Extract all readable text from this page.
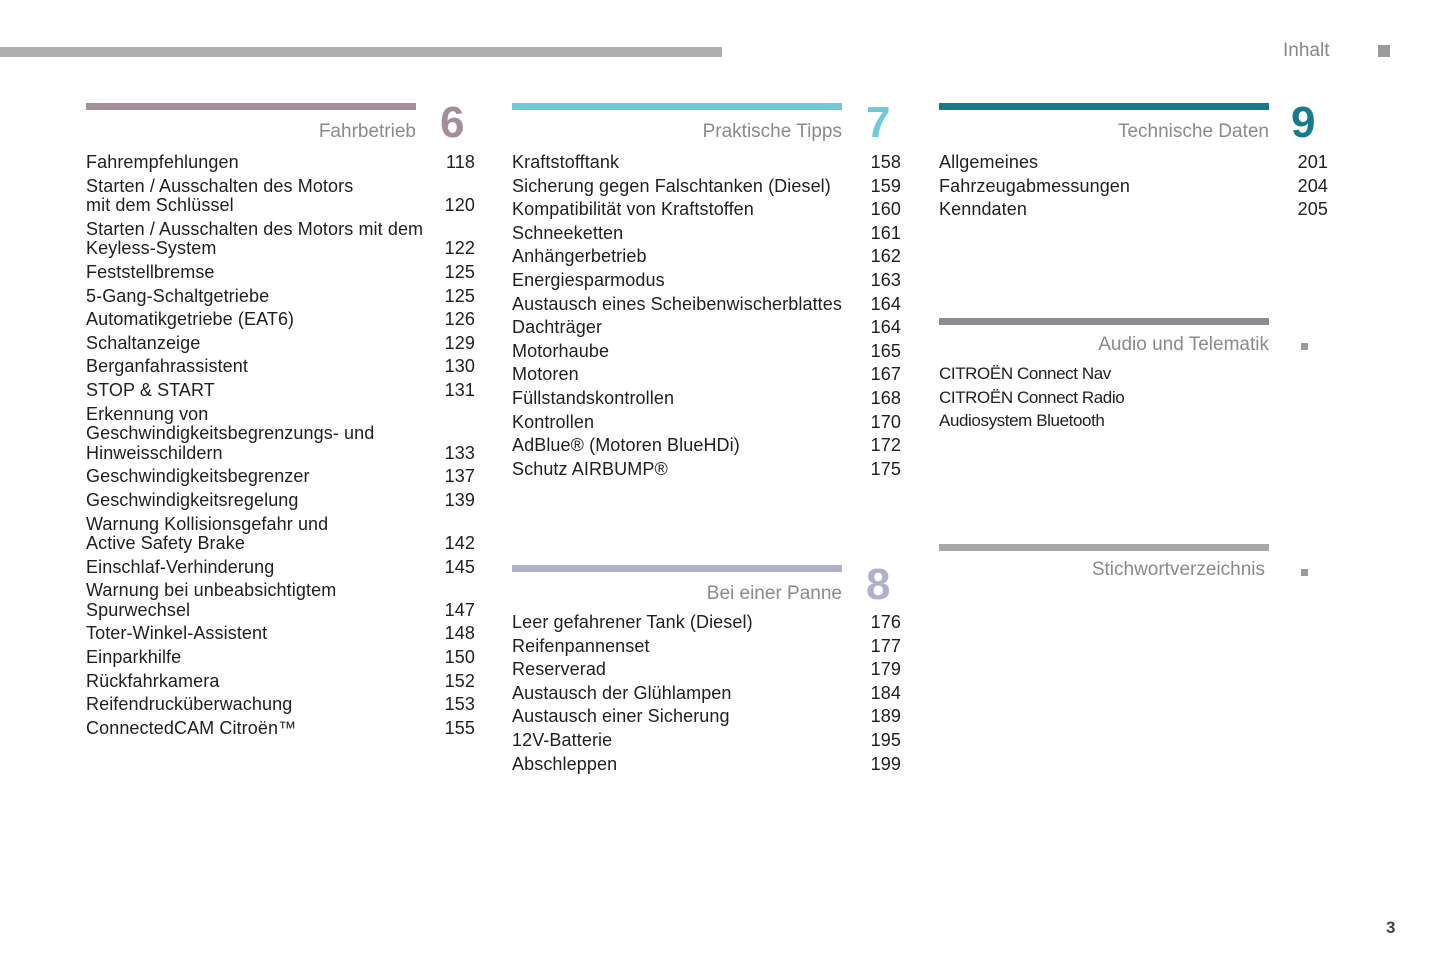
Inhalt
Fahrbetrieb 6
Fahrempfehlungen	118
Starten / Ausschalten des Motors
mit dem Schlüssel	120
Starten / Ausschalten des Motors mit dem
Keyless-System	122
Feststellbremse	125
5-Gang-Schaltgetriebe	125
Automatikgetriebe (EAT6)	126
Schaltanzeige	129
Berganfahrassistent	130
STOP & START	131
Erkennung von
Geschwindigkeitsbegrenzungs- und
Hinweisschildern	133
Geschwindigkeitsbegrenzer	137
Geschwindigkeitsregelung	139
Warnung Kollisionsgefahr und
Active Safety Brake	142
Einschlaf-Verhinderung	145
Warnung bei unbeabsichtigtem
Spurwechsel	147
Toter-Winkel-Assistent	148
Einparkhilfe	150
Rückfahrkamera	152
Reifendrucküberwachung	153
ConnectedCAM Citroën™	155
Praktische Tipps 7
Kraftstofftank	158
Sicherung gegen Falschtanken (Diesel)	159
Kompatibilität von Kraftstoffen	160
Schneeketten	161
Anhängerbetrieb	162
Energiesparmodus	163
Austausch eines Scheibenwischerblattes	164
Dachträger	164
Motorhaube	165
Motoren	167
Füllstandskontrollen	168
Kontrollen	170
AdBlue® (Motoren BlueHDi)	172
Schutz AIRBUMP®	175
Bei einer Panne 8
Leer gefahrener Tank (Diesel)	176
Reifenpannenset	177
Reserverad	179
Austausch der Glühlampen	184
Austausch einer Sicherung	189
12V-Batterie	195
Abschleppen	199
Technische Daten 9
Allgemeines	201
Fahrzeugabmessungen	204
Kenndaten	205
Audio und Telematik
CITROËN Connect Nav
CITROËN Connect Radio
Audiosystem Bluetooth
Stichwortverzeichnis
3
